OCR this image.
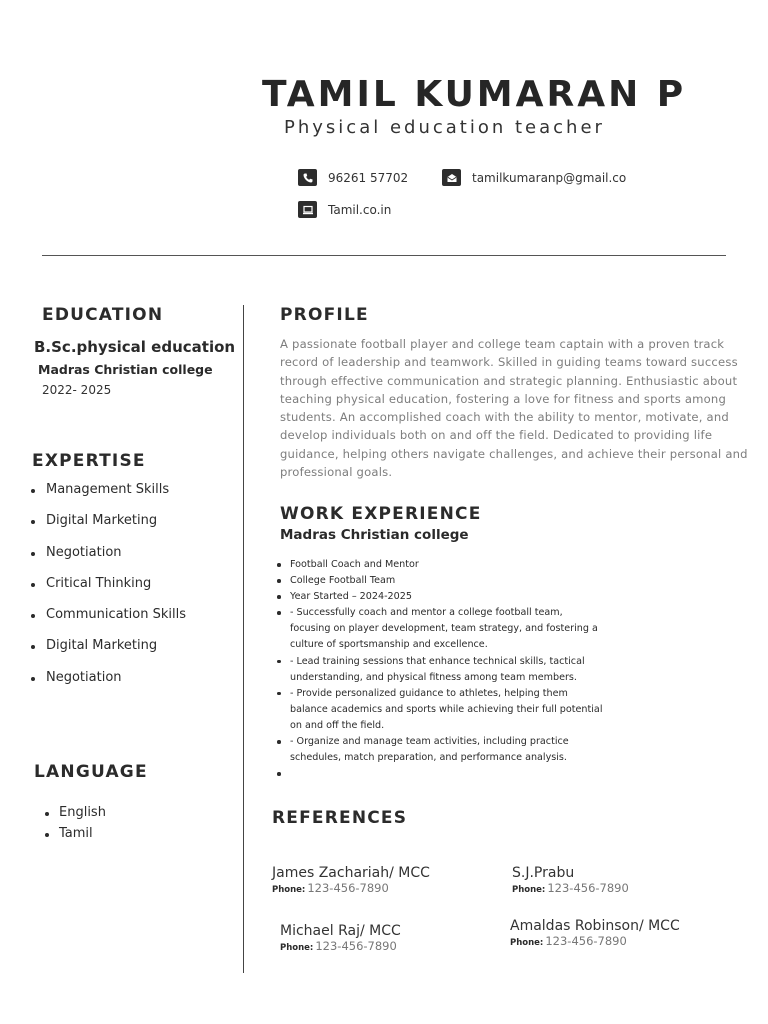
TAMIL KUMARAN P
Physical education teacher
96261 57702	tamilkumaranp@gmail.co
Tamil.co.in
EDUCATION
B.Sc.physical education
Madras Christian college
2022- 2025
EXPERTISE
Management Skills
Digital Marketing
Negotiation
Critical Thinking
Communication Skills
Digital Marketing
Negotiation
LANGUAGE
English
Tamil
PROFILE
A passionate football player and college team captain with a proven track record of leadership and teamwork. Skilled in guiding teams toward success through effective communication and strategic planning. Enthusiastic about teaching physical education, fostering a love for fitness and sports among students. An accomplished coach with the ability to mentor, motivate, and develop individuals both on and off the field. Dedicated to providing life guidance, helping others navigate challenges, and achieve their personal and professional goals.
WORK EXPERIENCE
Madras Christian college
Football Coach and Mentor
College Football Team
Year Started – 2024-2025
- Successfully coach and mentor a college football team, focusing on player development, team strategy, and fostering a culture of sportsmanship and excellence.
- Lead training sessions that enhance technical skills, tactical understanding, and physical fitness among team members.
- Provide personalized guidance to athletes, helping them balance academics and sports while achieving their full potential on and off the field.
- Organize and manage team activities, including practice schedules, match preparation, and performance analysis.
REFERENCES
James Zachariah/ MCC
Phone: 123-456-7890
S.J.Prabu
Phone: 123-456-7890
Michael Raj/ MCC
Phone: 123-456-7890
Amaldas Robinson/ MCC
Phone: 123-456-7890
